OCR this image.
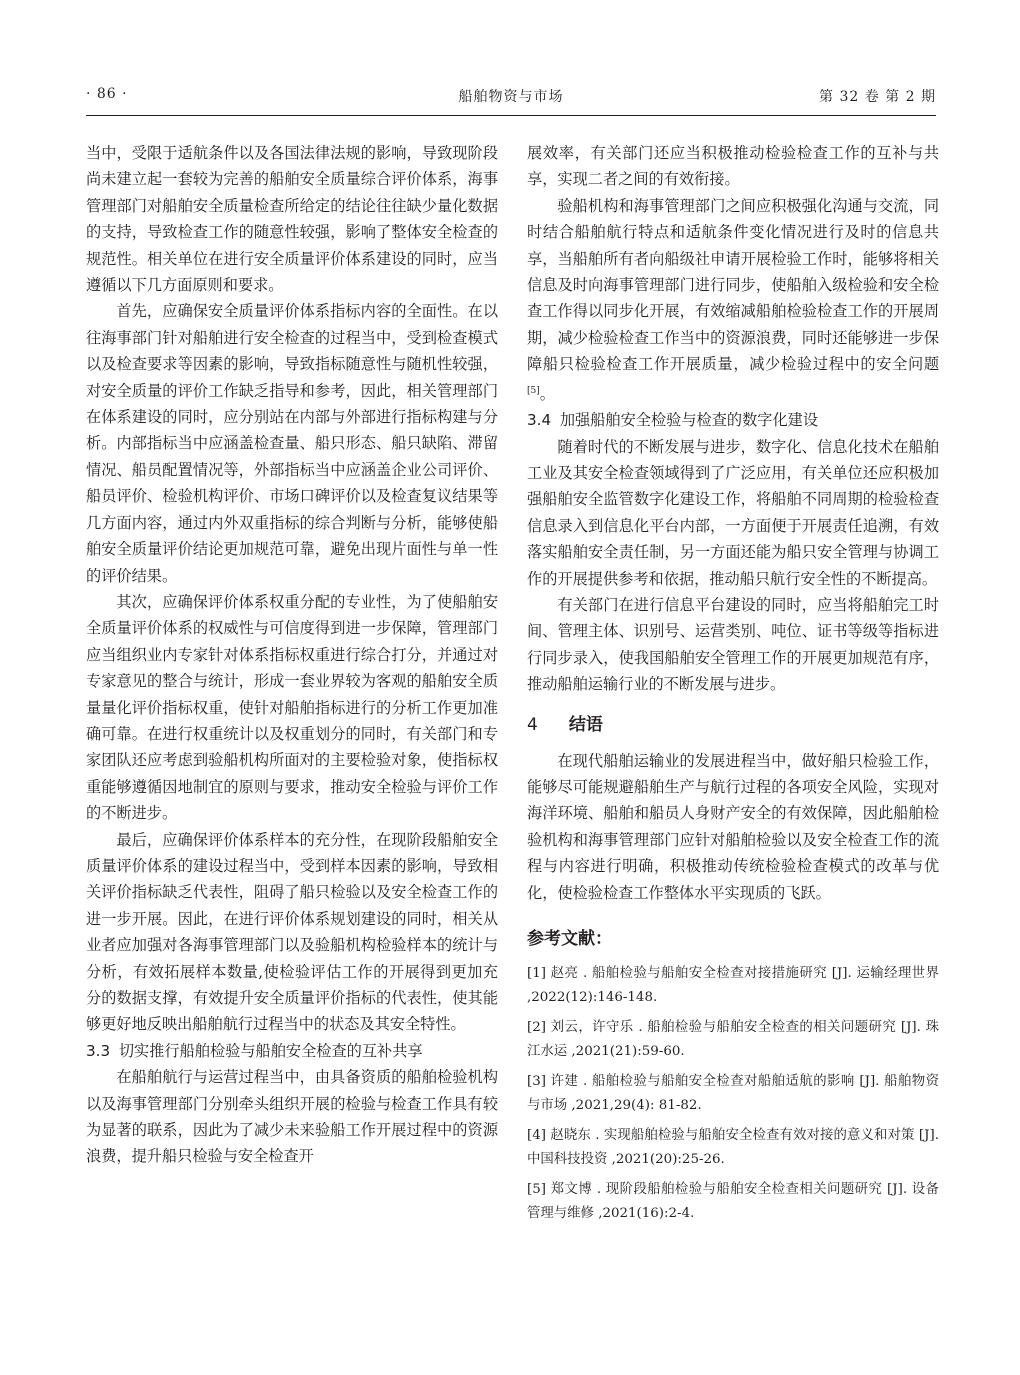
· 86 ·	船舶物资与市场	第 32 卷 第 2 期

当中，受限于适航条件以及各国法律法规的影响，导致现阶段尚未建立起一套较为完善的船舶安全质量综合评价体系，海事管理部门对船舶安全质量检查所给定的结论往往缺少量化数据的支持，导致检查工作的随意性较强，影响了整体安全检查的规范性。相关单位在进行安全质量评价体系建设的同时，应当遵循以下几方面原则和要求。

首先，应确保安全质量评价体系指标内容的全面性。在以往海事部门针对船舶进行安全检查的过程当中，受到检查模式以及检查要求等因素的影响，导致指标随意性与随机性较强，对安全质量的评价工作缺乏指导和参考，因此，相关管理部门在体系建设的同时，应分别站在内部与外部进行指标构建与分析。内部指标当中应涵盖检查量、船只形态、船只缺陷、滞留情况、船员配置情况等，外部指标当中应涵盖企业公司评价、船员评价、检验机构评价、市场口碑评价以及检查复议结果等几方面内容，通过内外双重指标的综合判断与分析，能够使船舶安全质量评价结论更加规范可靠，避免出现片面性与单一性的评价结果。

其次，应确保评价体系权重分配的专业性，为了使船舶安全质量评价体系的权威性与可信度得到进一步保障，管理部门应当组织业内专家针对体系指标权重进行综合打分，并通过对专家意见的整合与统计，形成一套业界较为客观的船舶安全质量量化评价指标权重，使针对船舶指标进行的分析工作更加准确可靠。在进行权重统计以及权重划分的同时，有关部门和专家团队还应考虑到验船机构所面对的主要检验对象，使指标权重能够遵循因地制宜的原则与要求，推动安全检验与评价工作的不断进步。

最后，应确保评价体系样本的充分性，在现阶段船舶安全质量评价体系的建设过程当中，受到样本因素的影响，导致相关评价指标缺乏代表性，阻碍了船只检验以及安全检查工作的进一步开展。因此，在进行评价体系规划建设的同时，相关从业者应加强对各海事管理部门以及验船机构检验样本的统计与分析，有效拓展样本数量,使检验评估工作的开展得到更加充分的数据支撑，有效提升安全质量评价指标的代表性，使其能够更好地反映出船舶航行过程当中的状态及其安全特性。

3.3 切实推行船舶检验与船舶安全检查的互补共享

在船舶航行与运营过程当中，由具备资质的船舶检验机构以及海事管理部门分别牵头组织开展的检验与检查工作具有较为显著的联系，因此为了减少未来验船工作开展过程中的资源浪费，提升船只检验与安全检查开

展效率，有关部门还应当积极推动检验检查工作的互补与共享，实现二者之间的有效衔接。

验船机构和海事管理部门之间应积极强化沟通与交流，同时结合船舶航行特点和适航条件变化情况进行及时的信息共享，当船舶所有者向船级社申请开展检验工作时，能够将相关信息及时向海事管理部门进行同步，使船舶入级检验和安全检查工作得以同步化开展，有效缩减船舶检验检查工作的开展周期，减少检验检查工作当中的资源浪费，同时还能够进一步保障船只检验检查工作开展质量，减少检验过程中的安全问题[5]。

3.4 加强船舶安全检验与检查的数字化建设

随着时代的不断发展与进步，数字化、信息化技术在船舶工业及其安全检查领域得到了广泛应用，有关单位还应积极加强船舶安全监管数字化建设工作，将船舶不同周期的检验检查信息录入到信息化平台内部，一方面便于开展责任追溯，有效落实船舶安全责任制，另一方面还能为船只安全管理与协调工作的开展提供参考和依据，推动船只航行安全性的不断提高。

有关部门在进行信息平台建设的同时，应当将船舶完工时间、管理主体、识别号、运营类别、吨位、证书等级等指标进行同步录入，使我国船舶安全管理工作的开展更加规范有序，推动船舶运输行业的不断发展与进步。

4 结语

在现代船舶运输业的发展进程当中，做好船只检验工作，能够尽可能规避船舶生产与航行过程的各项安全风险，实现对海洋环境、船舶和船员人身财产安全的有效保障，因此船舶检验机构和海事管理部门应针对船舶检验以及安全检查工作的流程与内容进行明确，积极推动传统检验检查模式的改革与优化，使检验检查工作整体水平实现质的飞跃。

参考文献：
[1] 赵亮 . 船舶检验与船舶安全检查对接措施研究 [J]. 运输经理世界 ,2022(12):146-148.
[2] 刘云，许守乐 . 船舶检验与船舶安全检查的相关问题研究 [J]. 珠江水运 ,2021(21):59-60.
[3] 许建 . 船舶检验与船舶安全检查对船舶适航的影响 [J]. 船舶物资与市场 ,2021,29(4): 81-82.
[4] 赵晓东 . 实现船舶检验与船舶安全检查有效对接的意义和对策 [J]. 中国科技投资 ,2021(20):25-26.
[5] 郑文博 . 现阶段船舶检验与船舶安全检查相关问题研究 [J]. 设备管理与维修 ,2021(16):2-4.
